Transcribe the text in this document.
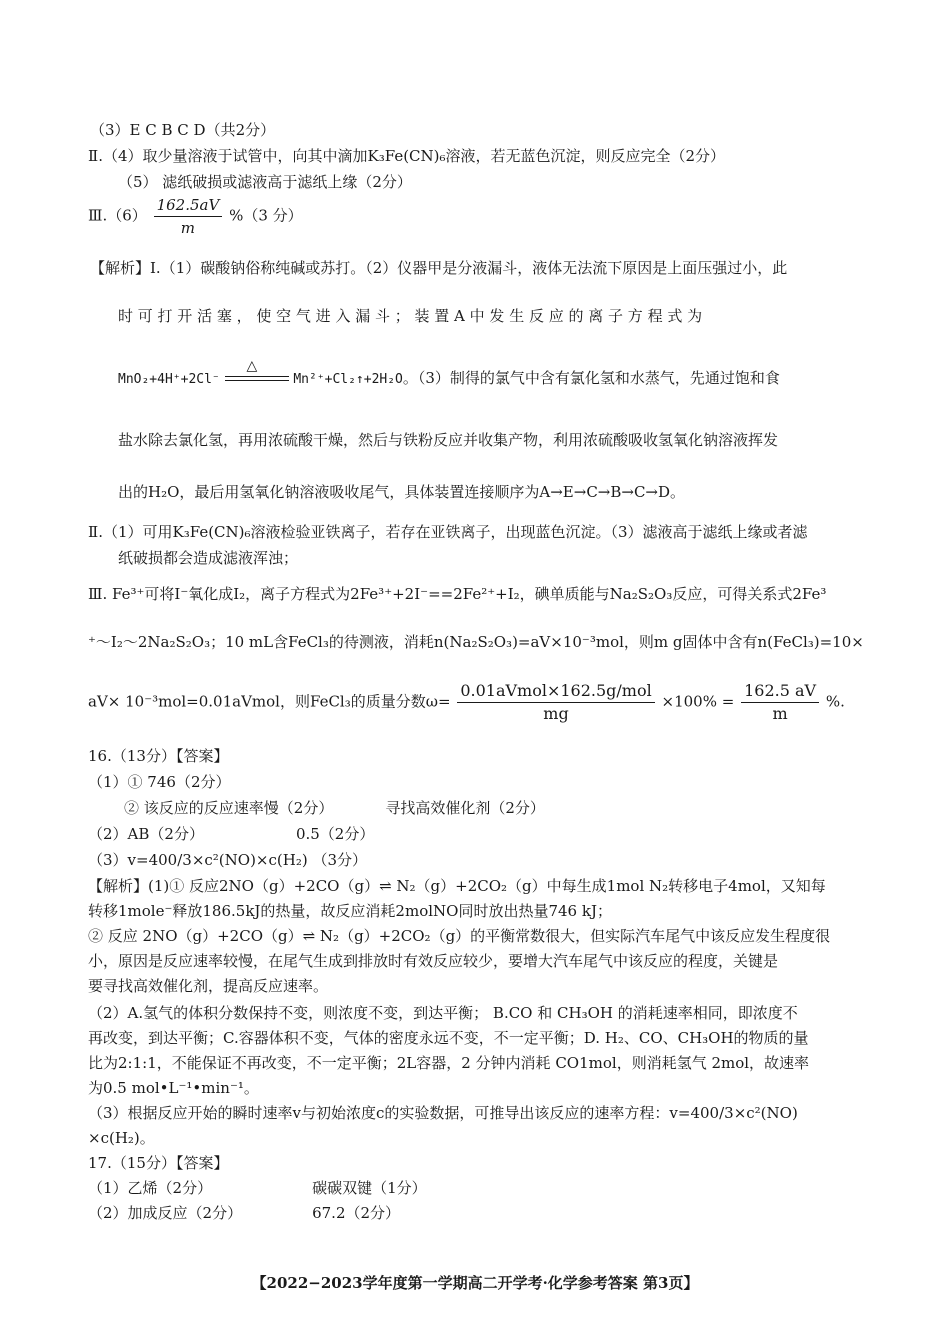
（3）E C B C D（共2分）
Ⅱ.（4）取少量溶液于试管中，向其中滴加K₃Fe(CN)₆溶液，若无蓝色沉淀，则反应完全（2分）
（5） 滤纸破损或滤液高于滤纸上缘（2分）
Ⅲ.（6） $\frac{162.5aV}{m} \%(3$ 分）
【解析】Ⅰ.（1）碳酸钠俗称纯碱或苏打。（2）仪器甲是分液漏斗，液体无法流下原因是上面压强过小，此
时 可 打 开 活 塞 ， 使 空 气 进 入 漏 斗 ； 装 置 A 中 发 生 反 应 的 离 子 方 程 式 为
MnO₂+4H⁺+2Cl⁻
△
Mn²⁺+Cl₂↑+2H₂O。（3）制得的氯气中含有氯化氢和水蒸气，先通过饱和食
盐水除去氯化氢，再用浓硫酸干燥，然后与铁粉反应并收集产物，利用浓硫酸吸收氢氧化钠溶液挥发
出的H₂O，最后用氢氧化钠溶液吸收尾气，具体装置连接顺序为A→E→C→B→C→D。
Ⅱ.（1）可用K₃Fe(CN)₆溶液检验亚铁离子，若存在亚铁离子，出现蓝色沉淀。（3）滤液高于滤纸上缘或者滤
纸破损都会造成滤液浑浊；
Ⅲ. Fe³⁺可将I⁻氧化成I₂，离子方程式为2Fe³⁺+2I⁻==2Fe²⁺+I₂，碘单质能与Na₂S₂O₃反应，可得关系式2Fe³
⁺～I₂～2Na₂S₂O₃；10 mL含FeCl₃的待测液，消耗n(Na₂S₂O₃)=aV×10⁻³mol，则m g固体中含有n(FeCl₃)=10×
aV× 10⁻³mol=0.01aVmol，则FeCl₃的质量分数$\omega= \frac{\text{0.01aVmol×162.5g/mol}}{mg} \times 100\% = \frac{162.5 aV}{m}$ %.
16.（13分）【答案】
（1）① 746（2分）
② 该反应的反应速率慢（2分）	寻找高效催化剂（2分）
（2）AB（2分）	0.5（2分）
（3）v=400/3×c²(NO)×c(H₂) （3分）
【解析】(1)① 反应2NO（g）+2CO（g）⇌ N₂（g）+2CO₂（g）中每生成1mol N₂转移电子4mol，又知每
转移1mole⁻释放186.5kJ的热量，故反应消耗2molNO同时放出热量746 kJ；
② 反应 2NO（g）+2CO（g）⇌ N₂（g）+2CO₂（g）的平衡常数很大，但实际汽车尾气中该反应发生程度很
小，原因是反应速率较慢，在尾气生成到排放时有效反应较少，要增大汽车尾气中该反应的程度，关键是
要寻找高效催化剂，提高反应速率。
（2）A.氢气的体积分数保持不变，则浓度不变，到达平衡； B.CO 和 CH₃OH 的消耗速率相同，即浓度不
再改变，到达平衡；C.容器体积不变，气体的密度永远不变，不一定平衡；D. H₂、CO、CH₃OH的物质的量
比为2:1:1，不能保证不再改变，不一定平衡；2L容器，2 分钟内消耗 CO1mol，则消耗氢气 2mol，故速率
为0.5 mol•L⁻¹•min⁻¹。
（3）根据反应开始的瞬时速率v与初始浓度c的实验数据，可推导出该反应的速率方程：v=400/3×c²(NO)
×c(H₂)。
17.（15分）【答案】
（1）乙烯（2分）	碳碳双键（1分）
（2）加成反应（2分）	67.2（2分）
【2022−2023学年度第一学期高二开学考·化学参考答案 第3页】
